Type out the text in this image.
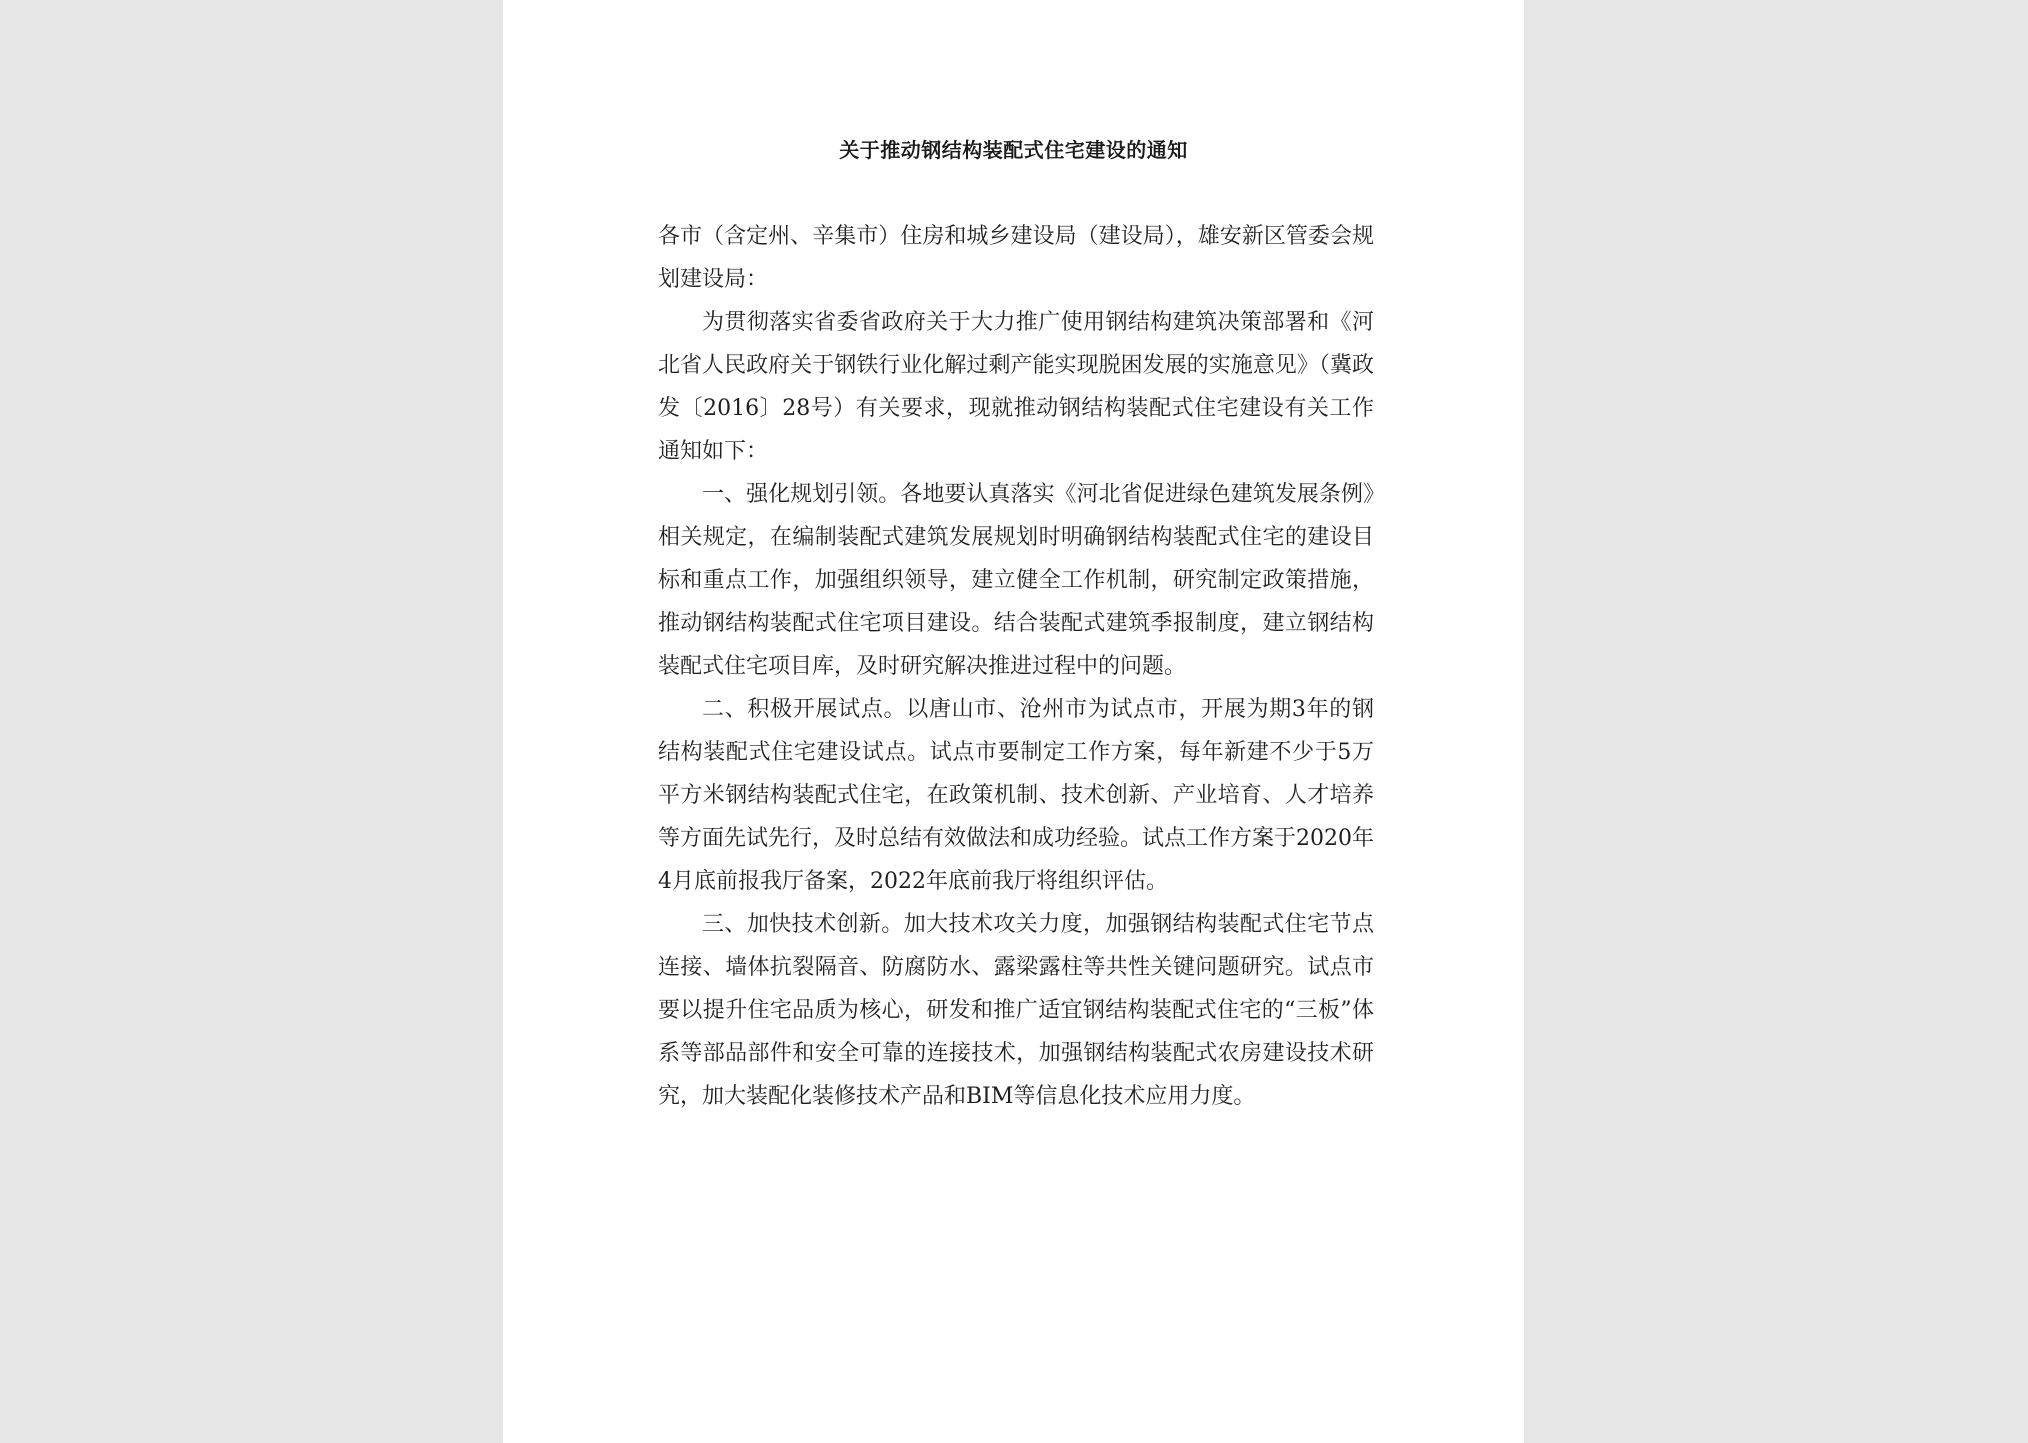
关于推动钢结构装配式住宅建设的通知

各市（含定州、辛集市）住房和城乡建设局（建设局），雄安新区管委会规划建设局：

为贯彻落实省委省政府关于大力推广使用钢结构建筑决策部署和《河北省人民政府关于钢铁行业化解过剩产能实现脱困发展的实施意见》（冀政发〔2016〕28号）有关要求，现就推动钢结构装配式住宅建设有关工作通知如下：

一、强化规划引领。各地要认真落实《河北省促进绿色建筑发展条例》相关规定，在编制装配式建筑发展规划时明确钢结构装配式住宅的建设目标和重点工作，加强组织领导，建立健全工作机制，研究制定政策措施，推动钢结构装配式住宅项目建设。结合装配式建筑季报制度，建立钢结构装配式住宅项目库，及时研究解决推进过程中的问题。

二、积极开展试点。以唐山市、沧州市为试点市，开展为期3年的钢结构装配式住宅建设试点。试点市要制定工作方案，每年新建不少于5万平方米钢结构装配式住宅，在政策机制、技术创新、产业培育、人才培养等方面先试先行，及时总结有效做法和成功经验。试点工作方案于2020年4月底前报我厅备案，2022年底前我厅将组织评估。

三、加快技术创新。加大技术攻关力度，加强钢结构装配式住宅节点连接、墙体抗裂隔音、防腐防水、露梁露柱等共性关键问题研究。试点市要以提升住宅品质为核心，研发和推广适宜钢结构装配式住宅的“三板”体系等部品部件和安全可靠的连接技术，加强钢结构装配式农房建设技术研究，加大装配化装修技术产品和BIM等信息化技术应用力度。
